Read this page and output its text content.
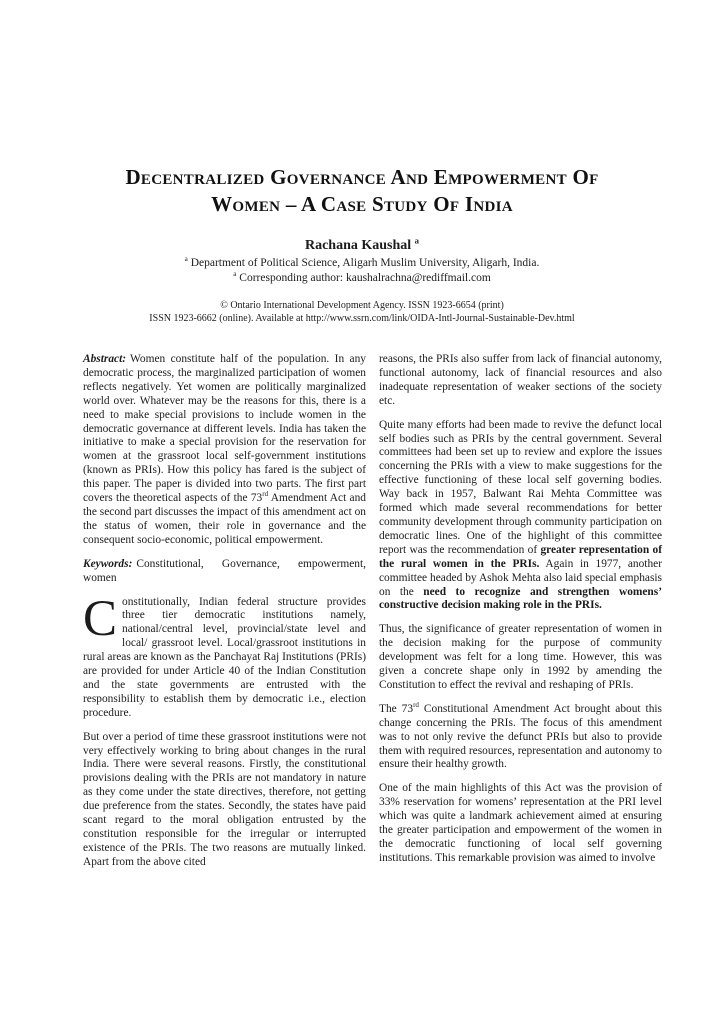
Decentralized Governance And Empowerment Of
Women – A Case Study Of India
Rachana Kaushal $^a$
$^a$ Department of Political Science, Aligarh Muslim University, Aligarh, India.
$^a$ Corresponding author: kaushalrachna@rediffmail.com
© Ontario International Development Agency. ISSN 1923-6654 (print)
ISSN 1923-6662 (online). Available at http://www.ssrn.com/link/OIDA-Intl-Journal-Sustainable-Dev.html

Abstract: Women constitute half of the population. In any democratic process, the marginalized participation of women reflects negatively. Yet women are politically marginalized world over. Whatever may be the reasons for this, there is a need to make special provisions to include women in the democratic governance at different levels. India has taken the initiative to make a special provision for the reservation for women at the grassroot local self-government institutions (known as PRIs). How this policy has fared is the subject of this paper. The paper is divided into two parts. The first part covers the theoretical aspects of the 73rd Amendment Act and the second part discusses the impact of this amendment act on the status of women, their role in governance and the consequent socio-economic, political empowerment.

Keywords: Constitutional, Governance, empowerment, women

Constitutionally, Indian federal structure provides three tier democratic institutions namely, national/central level, provincial/state level and local/ grassroot level. Local/grassroot institutions in rural areas are known as the Panchayat Raj Institutions (PRIs) are provided for under Article 40 of the Indian Constitution and the state governments are entrusted with the responsibility to establish them by democratic i.e., election procedure.

But over a period of time these grassroot institutions were not very effectively working to bring about changes in the rural India. There were several reasons. Firstly, the constitutional provisions dealing with the PRIs are not mandatory in nature as they come under the state directives, therefore, not getting due preference from the states. Secondly, the states have paid scant regard to the moral obligation entrusted by the constitution responsible for the irregular or interrupted existence of the PRIs. The two reasons are mutually linked. Apart from the above cited

reasons, the PRIs also suffer from lack of financial autonomy, functional autonomy, lack of financial resources and also inadequate representation of weaker sections of the society etc.

Quite many efforts had been made to revive the defunct local self bodies such as PRIs by the central government. Several committees had been set up to review and explore the issues concerning the PRIs with a view to make suggestions for the effective functioning of these local self governing bodies. Way back in 1957, Balwant Rai Mehta Committee was formed which made several recommendations for better community development through community participation on democratic lines. One of the highlight of this committee report was the recommendation of greater representation of the rural women in the PRIs. Again in 1977, another committee headed by Ashok Mehta also laid special emphasis on the need to recognize and strengthen womens’ constructive decision making role in the PRIs.

Thus, the significance of greater representation of women in the decision making for the purpose of community development was felt for a long time. However, this was given a concrete shape only in 1992 by amending the Constitution to effect the revival and reshaping of PRIs.

The 73rd Constitutional Amendment Act brought about this change concerning the PRIs. The focus of this amendment was to not only revive the defunct PRIs but also to provide them with required resources, representation and autonomy to ensure their healthy growth.

One of the main highlights of this Act was the provision of 33% reservation for womens’ representation at the PRI level which was quite a landmark achievement aimed at ensuring the greater participation and empowerment of the women in the democratic functioning of local self governing institutions. This remarkable provision was aimed to involve
